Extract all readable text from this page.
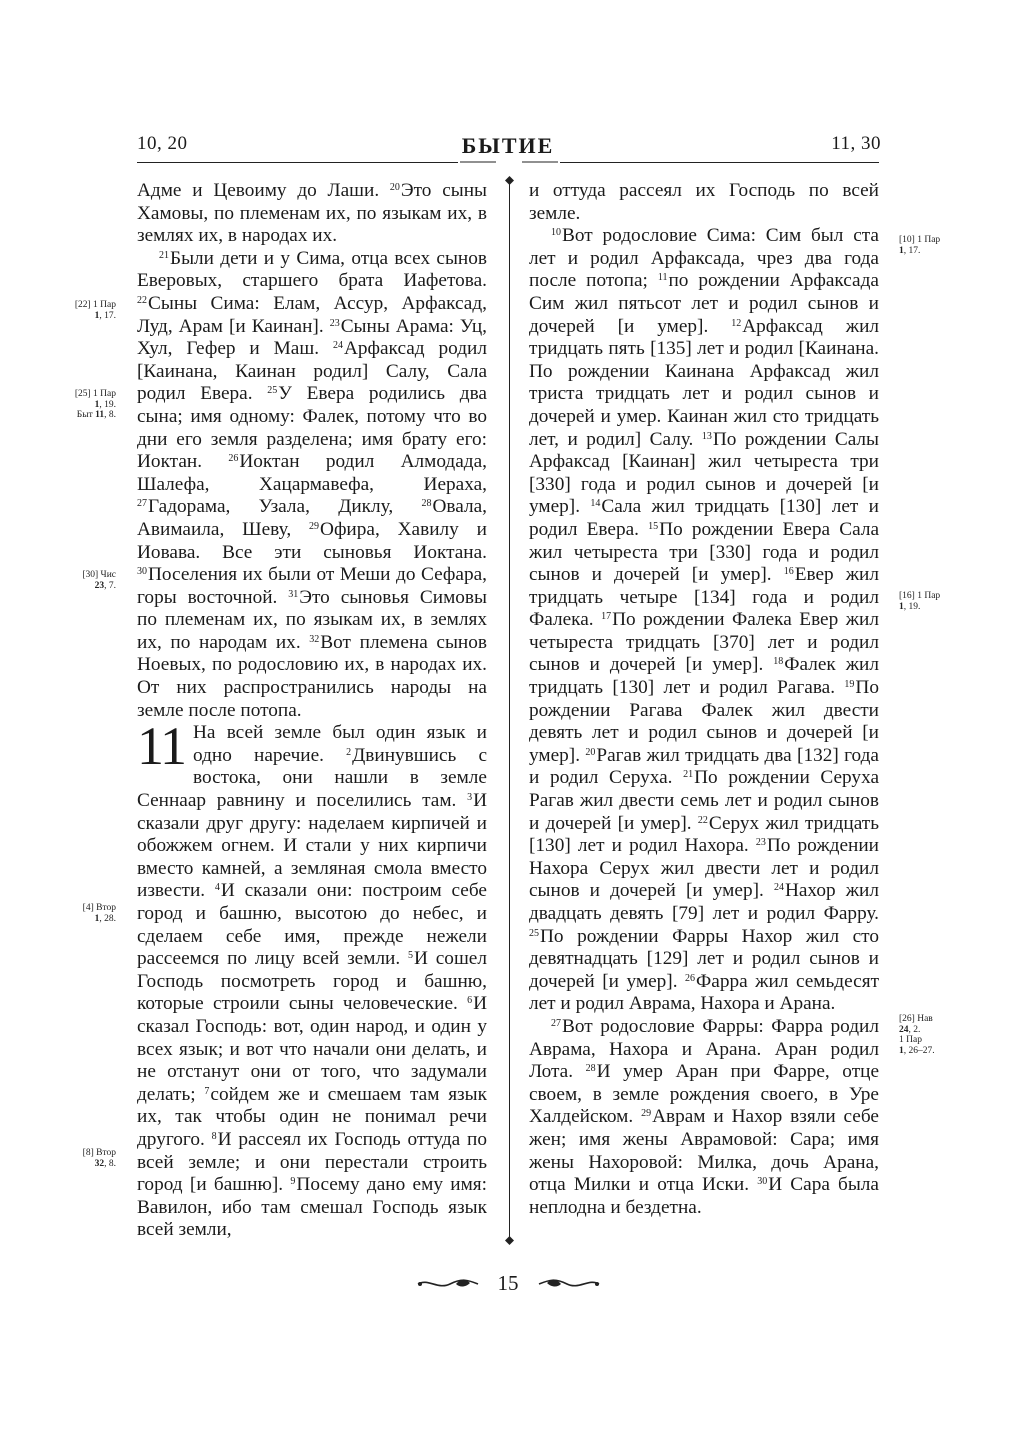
10, 20	БЫТИЕ	11, 30
[22] 1 Пар
1, 17.
[25] 1 Пар
1, 19.
Быт 11, 8.
[30] Чис
23, 7.
[4] Втор
1, 28.
[8] Втор
32, 8.
[10] 1 Пар
1, 17.
[16] 1 Пар
1, 19.
[26] Нав
24, 2.
1 Пар
1, 26–27.

Адме и Цевоиму до Лаши. $^{20}$Это сыны Хамовы, по племенам их, по языкам их, в землях их, в народах их.

$^{21}$Были дети и у Сима, отца всех сынов Еверовых, старшего брата Иафетова. $^{22}$Сыны Сима: Елам, Ассур, Арфаксад, Луд, Арам [и Каинан]. $^{23}$Сыны Арама: Уц, Хул, Гефер и Маш. $^{24}$Арфаксад родил [Каинана, Каинан родил] Салу, Сала родил Евера. $^{25}$У Евера родились два сына; имя одному: Фалек, потому что во дни его земля разделена; имя брату его: Иоктан. $^{26}$Иоктан родил Алмодада, Шалефа, Хацармавефа, Иераха, $^{27}$Гадорама, Узала, Диклу, $^{28}$Овала, Авимаила, Шеву, $^{29}$Офира, Хавилу и Иовава. Все эти сыновья Иоктана. $^{30}$Поселения их были от Меши до Сефара, горы восточной. $^{31}$Это сыновья Симовы по племенам их, по языкам их, в землях их, по народам их. $^{32}$Вот племена сынов Ноевых, по родословию их, в народах их. От них распространились народы на земле после потопа.

11 На всей земле был один язык и одно наречие. $^2$Двинувшись с востока, они нашли в земле Сеннаар равнину и поселились там. $^3$И сказали друг другу: наделаем кирпичей и обожжем огнем. И стали у них кирпичи вместо камней, а земляная смола вместо извести. $^4$И сказали они: построим себе город и башню, высотою до небес, и сделаем себе имя, прежде нежели рассеемся по лицу всей земли. $^5$И сошел Господь посмотреть город и башню, которые строили сыны человеческие. $^6$И сказал Господь: вот, один народ, и один у всех язык; и вот что начали они делать, и не отстанут они от того, что задумали делать; $^7$сойдем же и смешаем там язык их, так чтобы один не понимал речи другого. $^8$И рассеял их Господь оттуда по всей земле; и они перестали строить город [и башню]. $^9$Посему дано ему имя: Вавилон, ибо там смешал Господь язык всей земли,

и оттуда рассеял их Господь по всей земле.

$^{10}$Вот родословие Сима: Сим был ста лет и родил Арфаксада, чрез два года после потопа; $^{11}$по рождении Арфаксада Сим жил пятьсот лет и родил сынов и дочерей [и умер]. $^{12}$Арфаксад жил тридцать пять [135] лет и родил [Каинана. По рождении Каинана Арфаксад жил триста тридцать лет и родил сынов и дочерей и умер. Каинан жил сто тридцать лет, и родил] Салу. $^{13}$По рождении Салы Арфаксад [Каинан] жил четыреста три [330] года и родил сынов и дочерей [и умер]. $^{14}$Сала жил тридцать [130] лет и родил Евера. $^{15}$По рождении Евера Сала жил четыреста три [330] года и родил сынов и дочерей [и умер]. $^{16}$Евер жил тридцать четыре [134] года и родил Фалека. $^{17}$По рождении Фалека Евер жил четыреста тридцать [370] лет и родил сынов и дочерей [и умер]. $^{18}$Фалек жил тридцать [130] лет и родил Рагава. $^{19}$По рождении Рагава Фалек жил двести девять лет и родил сынов и дочерей [и умер]. $^{20}$Рагав жил тридцать два [132] года и родил Серуха. $^{21}$По рождении Серуха Рагав жил двести семь лет и родил сынов и дочерей [и умер]. $^{22}$Серух жил тридцать [130] лет и родил Нахора. $^{23}$По рождении Нахора Серух жил двести лет и родил сынов и дочерей [и умер]. $^{24}$Нахор жил двадцать девять [79] лет и родил Фарру. $^{25}$По рождении Фарры Нахор жил сто девятнадцать [129] лет и родил сынов и дочерей [и умер]. $^{26}$Фарра жил семьдесят лет и родил Аврама, Нахора и Арана.

$^{27}$Вот родословие Фарры: Фарра родил Аврама, Нахора и Арана. Аран родил Лота. $^{28}$И умер Аран при Фарре, отце своем, в земле рождения своего, в Уре Халдейском. $^{29}$Аврам и Нахор взяли себе жен; имя жены Аврамовой: Сара; имя жены Нахоровой: Милка, дочь Арана, отца Милки и отца Иски. $^{30}$И Сара была неплодна и бездетна.

15
